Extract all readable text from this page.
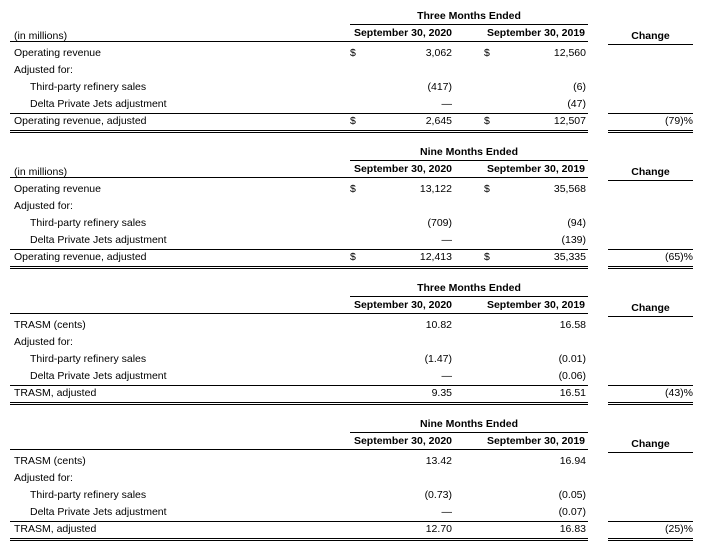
Three Months Ended
September 30, 2020	September 30, 2019	Change
(in millions)
Operating revenue	$	3,062	$	12,560
Adjusted for:
Third-party refinery sales	(417)	(6)
Delta Private Jets adjustment	—	(47)
Operating revenue, adjusted	$	2,645	$	12,507	(79)%
Nine Months Ended
September 30, 2020	September 30, 2019	Change
(in millions)
Operating revenue	$	13,122	$	35,568
Adjusted for:
Third-party refinery sales	(709)	(94)
Delta Private Jets adjustment	—	(139)
Operating revenue, adjusted	$	12,413	$	35,335	(65)%
Three Months Ended
September 30, 2020	September 30, 2019	Change
TRASM (cents)	10.82	16.58
Adjusted for:
Third-party refinery sales	(1.47)	(0.01)
Delta Private Jets adjustment	—	(0.06)
TRASM, adjusted	9.35	16.51	(43)%
Nine Months Ended
September 30, 2020	September 30, 2019	Change
TRASM (cents)	13.42	16.94
Adjusted for:
Third-party refinery sales	(0.73)	(0.05)
Delta Private Jets adjustment	—	(0.07)
TRASM, adjusted	12.70	16.83	(25)%
